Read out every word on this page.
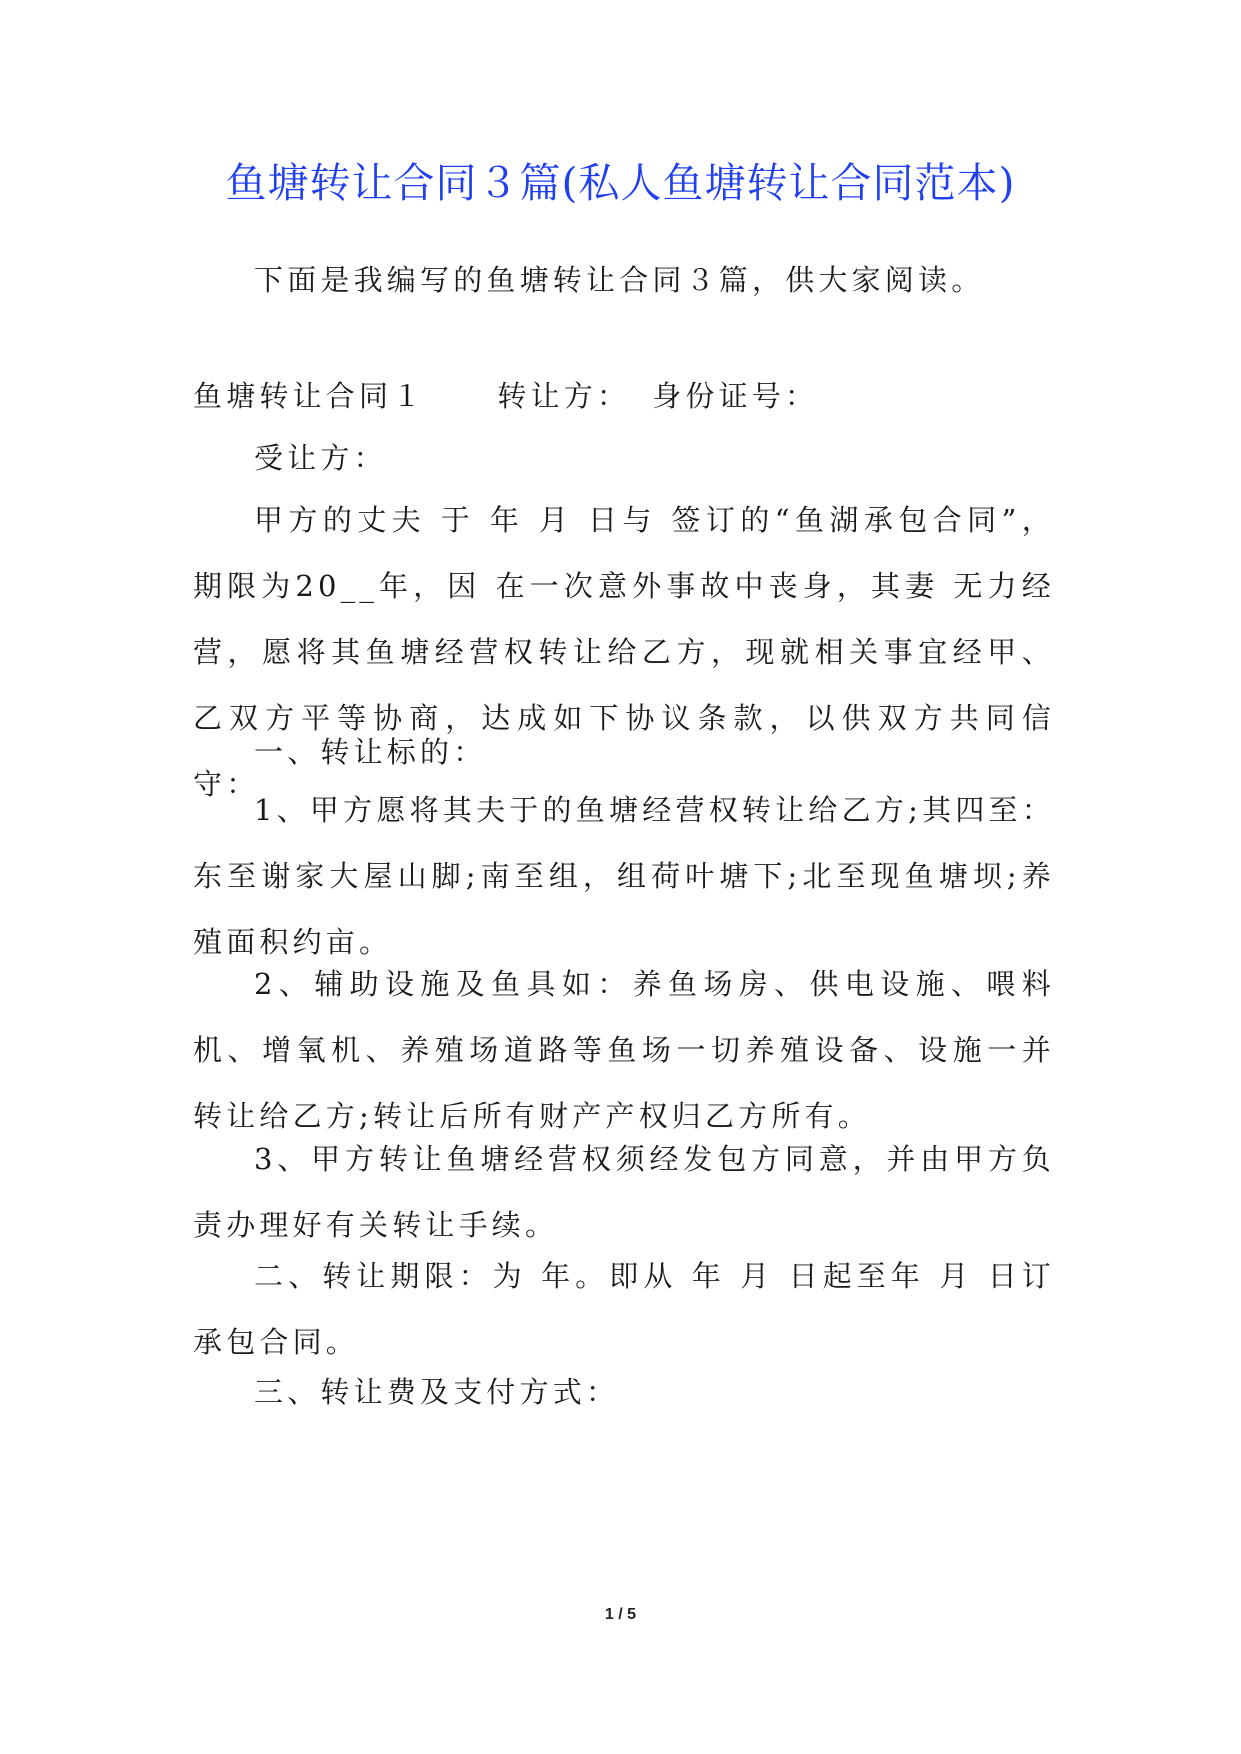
鱼塘转让合同３篇(私人鱼塘转让合同范本)

下面是我编写的鱼塘转让合同３篇，供大家阅读。

鱼塘转让合同１ 转让方： 身份证号：

受让方：

甲方的丈夫 于 年 月 日与 签订的“鱼湖承包合同”，期限为20__年，因 在一次意外事故中丧身，其妻 无力经营，愿将其鱼塘经营权转让给乙方，现就相关事宜经甲、乙双方平等协商，达成如下协议条款，以供双方共同信守：

一、转让标的：

1、甲方愿将其夫于的鱼塘经营权转让给乙方;其四至：东至谢家大屋山脚;南至组，组荷叶塘下;北至现鱼塘坝;养殖面积约亩。

2、辅助设施及鱼具如：养鱼场房、供电设施、喂料机、增氧机、养殖场道路等鱼场一切养殖设备、设施一并转让给乙方;转让后所有财产产权归乙方所有。

3、甲方转让鱼塘经营权须经发包方同意，并由甲方负责办理好有关转让手续。

二、转让期限：为 年。即从 年 月 日起至年 月 日订承包合同。

三、转让费及支付方式：

1 / 5
